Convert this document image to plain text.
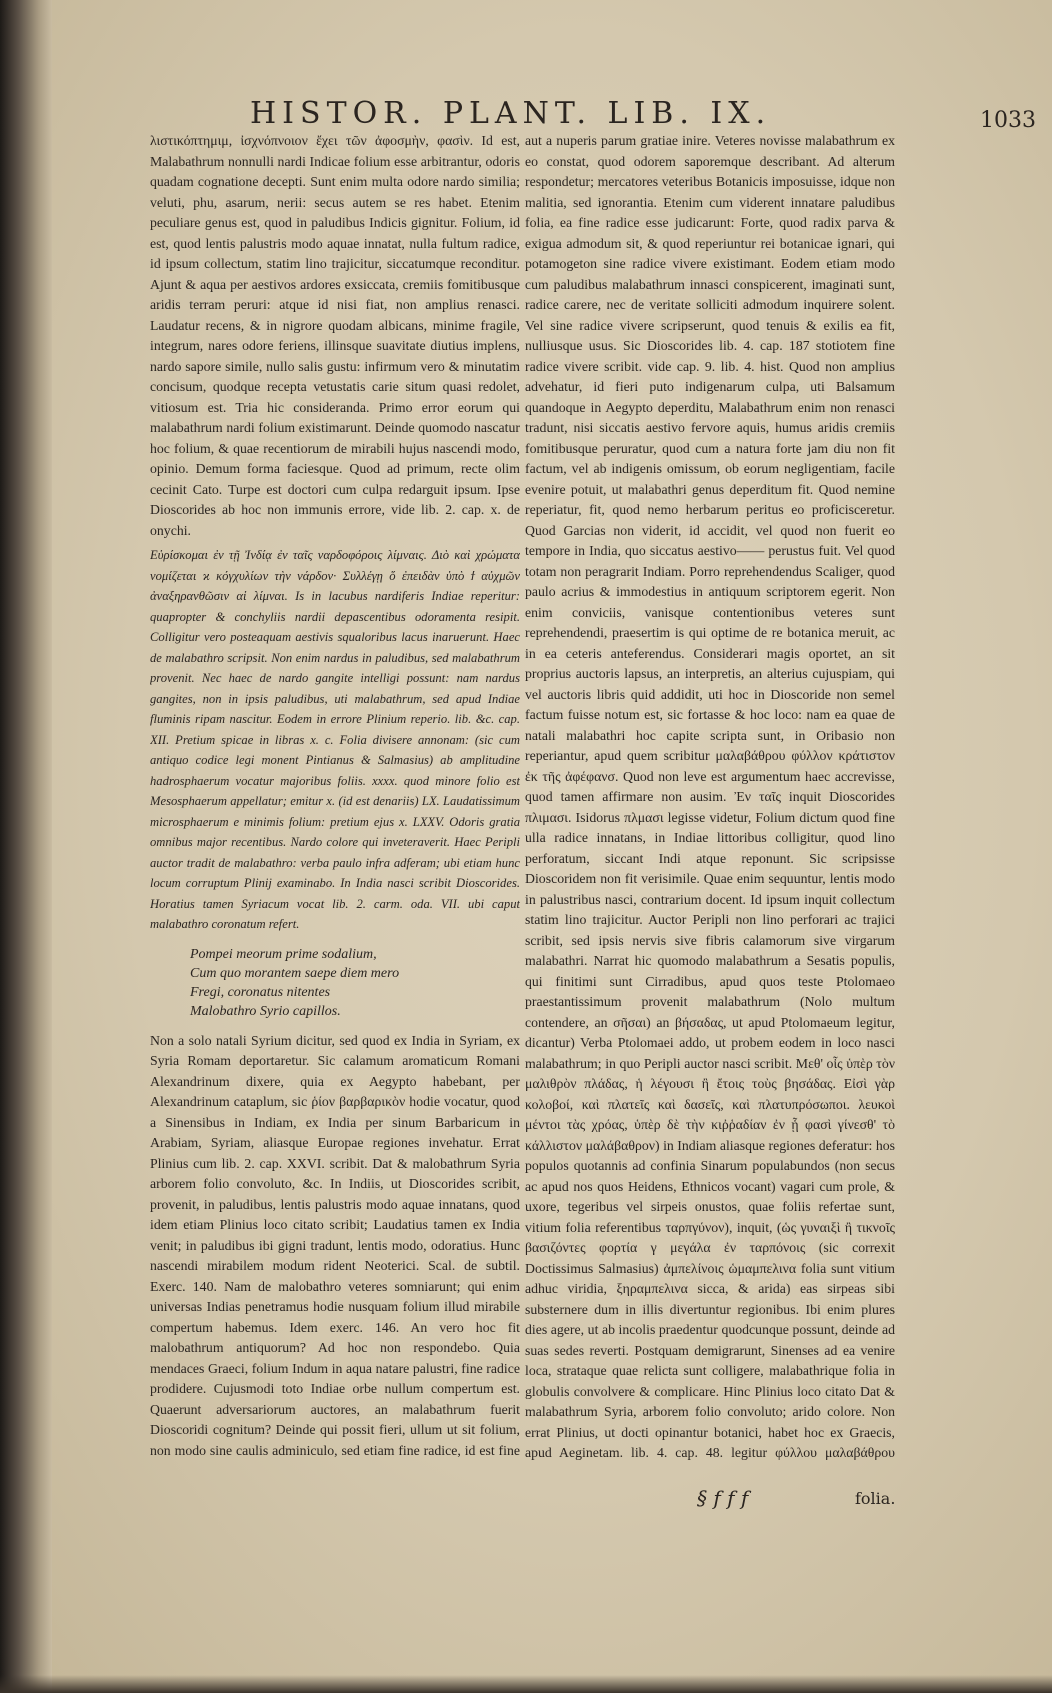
HISTOR. PLANT. LIB. IX.	1033

λιστικόπτημιμ, ἰσχνόπνοιον ἔχει τῶν ἀφοσμὴν, φασὶν. Id est, Malabathrum nonnulli nardi Indicae folium esse arbitrantur, odoris quadam cognatione decepti. Sunt enim multa odore nardo similia; veluti, phu, asarum, nerii: secus autem se res habet. Etenim peculiare genus est, quod in paludibus Indicis gignitur. Folium, id est, quod lentis palustris modo aquae innatat, nulla fultum radice, id ipsum collectum, statim lino trajicitur, siccatumque reconditur. Ajunt & aqua per aestivos ardores exsiccata, cremiis fomitibusque aridis terram peruri: atque id nisi fiat, non amplius renasci. Laudatur recens, & in nigrore quodam albicans, minime fragile, integrum, nares odore feriens, illinsque suavitate diutius implens, nardo sapore simile, nullo salis gustu: infirmum vero & minutatim concisum, quodque recepta vetustatis carie situm quasi redolet, vitiosum est. Tria hic consideranda. Primo error eorum qui malabathrum nardi folium existimarunt. Deinde quomodo nascatur hoc folium, & quae recentiorum de mirabili hujus nascendi modo, opinio. Demum forma faciesque. Quod ad primum, recte olim cecinit Cato. Turpe est doctori cum culpa redarguit ipsum. Ipse Dioscorides ab hoc non immunis errore, vide lib. 2. cap. x. de onychi.

Εὑρίσκομαι ἐν τῇ Ἰνδίᾳ ἐν ταῖς ναρδοφόροις λίμναις. Διὸ καὶ χρώματα νομίζεται ϰ κόγχυλίων τὴν νάρδον· Συλλέγῃ ὅ ἐπειδὰν ὑπὸ ϯ αὐχμῶν ἀναξηρανθῶσιν αἱ λίμναι. Is in lacubus nardiferis Indiae reperitur: quapropter & conchyliis nardii depascentibus odoramenta resipit. Colligitur vero posteaquam aestivis squaloribus lacus inaruerunt. Haec de malabathro scripsit. Non enim nardus in paludibus, sed malabathrum provenit. Nec haec de nardo gangite intelligi possunt: nam nardus gangites, non in ipsis paludibus, uti malabathrum, sed apud Indiae fluminis ripam nascitur. Eodem in errore Plinium reperio. lib. &c. cap. XII. Pretium spicae in libras x. c. Folia divisere annonam: (sic cum antiquo codice legi monent Pintianus & Salmasius) ab amplitudine hadrosphaerum vocatur majoribus foliis. xxxx. quod minore folio est Mesosphaerum appellatur; emitur x. (id est denariis) LX. Laudatissimum microsphaerum e minimis folium: pretium ejus x. LXXV. Odoris gratia omnibus major recentibus. Nardo colore qui inveteraverit. Haec Peripli auctor tradit de malabathro: verba paulo infra adferam; ubi etiam hunc locum corruptum Plinij examinabo. In India nasci scribit Dioscorides. Horatius tamen Syriacum vocat lib. 2. carm. oda. VII. ubi caput malabathro coronatum refert.

Pompei meorum prime sodalium,
Cum quo morantem saepe diem mero
Fregi, coronatus nitentes
Malobathro Syrio capillos.

Non a solo natali Syrium dicitur, sed quod ex India in Syriam, ex Syria Romam deportaretur. Sic calamum aromaticum Romani Alexandrinum dixere, quia ex Aegypto habebant, per Alexandrinum cataplum, sic ῥίον βαρβαρικὸν hodie vocatur, quod a Sinensibus in Indiam, ex India per sinum Barbaricum in Arabiam, Syriam, aliasque Europae regiones invehatur. Errat Plinius cum lib. 2. cap. XXVI. scribit. Dat & malobathrum Syria arborem folio convoluto, &c. In Indiis, ut Dioscorides scribit, provenit, in paludibus, lentis palustris modo aquae innatans, quod idem etiam Plinius loco citato scribit; Laudatius tamen ex India venit; in paludibus ibi gigni tradunt, lentis modo, odoratius. Hunc nascendi mirabilem modum rident Neoterici. Scal. de subtil. Exerc. 140. Nam de malobathro veteres somniarunt; qui enim universas Indias penetramus hodie nusquam folium illud mirabile compertum habemus. Idem exerc. 146. An vero hoc fit malobathrum antiquorum? Ad hoc non respondebo. Quia mendaces Graeci, folium Indum in aqua natare palustri, fine radice prodidere. Cujusmodi toto Indiae orbe nullum compertum est. Quaerunt adversariorum auctores, an malabathrum fuerit Dioscoridi cognitum? Deinde qui possit fieri, ullum ut sit folium, non modo sine caulis adminiculo, sed etiam fine radice, id est fine

aut a nuperis parum gratiae inire. Veteres novisse malabathrum ex eo constat, quod odorem saporemque describant. Ad alterum respondetur; mercatores veteribus Botanicis imposuisse, idque non malitia, sed ignorantia. Etenim cum viderent innatare paludibus folia, ea fine radice esse judicarunt: Forte, quod radix parva & exigua admodum sit, & quod reperiuntur rei botanicae ignari, qui potamogeton sine radice vivere existimant. Eodem etiam modo cum paludibus malabathrum innasci conspicerent, imaginati sunt, radice carere, nec de veritate solliciti admodum inquirere solent. Vel sine radice vivere scripserunt, quod tenuis & exilis ea fit, nulliusque usus. Sic Dioscorides lib. 4. cap. 187 stotiotem fine radice vivere scribit. vide cap. 9. lib. 4. hist. Quod non amplius advehatur, id fieri puto indigenarum culpa, uti Balsamum quandoque in Aegypto deperditu, Malabathrum enim non renasci tradunt, nisi siccatis aestivo fervore aquis, humus aridis cremiis fomitibusque peruratur, quod cum a natura forte jam diu non fit factum, vel ab indigenis omissum, ob eorum negligentiam, facile evenire potuit, ut malabathri genus deperditum fit. Quod nemine reperiatur, fit, quod nemo herbarum peritus eo proficisceretur. Quod Garcias non viderit, id accidit, vel quod non fuerit eo tempore in India, quo siccatus aestivo—— perustus fuit. Vel quod totam non peragrarit Indiam. Porro reprehendendus Scaliger, quod paulo acrius & immodestius in antiquum scriptorem egerit. Non enim conviciis, vanisque contentionibus veteres sunt reprehendendi, praesertim is qui optime de re botanica meruit, ac in ea ceteris anteferendus. Considerari magis oportet, an sit proprius auctoris lapsus, an interpretis, an alterius cujuspiam, qui vel auctoris libris quid addidit, uti hoc in Dioscoride non semel factum fuisse notum est, sic fortasse & hoc loco: nam ea quae de natali malabathri hoc capite scripta sunt, in Oribasio non reperiantur, apud quem scribitur μαλαβάθρου φύλλον κράτιστον ἐκ τῆς ἀφέφανσ. Quod non leve est argumentum haec accrevisse, quod tamen affirmare non ausim. Ἐν ταῖς inquit Dioscorides πλιμασι. Isidorus πλμασι legisse videtur, Folium dictum quod fine ulla radice innatans, in Indiae littoribus colligitur, quod lino perforatum, siccant Indi atque reponunt. Sic scripsisse Dioscoridem non fit verisimile. Quae enim sequuntur, lentis modo in palustribus nasci, contrarium docent. Id ipsum inquit collectum statim lino trajicitur. Auctor Peripli non lino perforari ac trajici scribit, sed ipsis nervis sive fibris calamorum sive virgarum malabathri. Narrat hic quomodo malabathrum a Sesatis populis, qui finitimi sunt Cirradibus, apud quos teste Ptolomaeo praestantissimum provenit malabathrum (Nolo multum contendere, an σῆσαι) an βήσαδας, ut apud Ptolomaeum legitur, dicantur) Verba Ptolomaei addo, ut probem eodem in loco nasci malabathrum; in quo Peripli auctor nasci scribit. Μεθ' οἷς ὑπὲρ τὸν μαλιθρὸν πλάδας, ἡ λέγουσι ἢ ἔτοις τοὺς βησάδας. Εἰσὶ γὰρ κολοβοί, καὶ πλατεῖς καὶ δασεῖς, καὶ πλατυπρόσωποι. λευκοὶ μέντοι τὰς χρόας, ὑπὲρ δὲ τὴν κιῤῥαδίαν ἐν ᾗ φασὶ γίνεσθ' τὸ κάλλιστον μαλάβαθρον) in Indiam aliasque regiones deferatur: hos populos quotannis ad confinia Sinarum populabundos (non secus ac apud nos quos Heidens, Ethnicos vocant) vagari cum prole, & uxore, tegeribus vel sirpeis onustos, quae foliis refertae sunt, vitium folia referentibus ταρπγύνον), inquit, (ὡς γυναιξὶ ἢ τικνοῖς βασιζόντες φορτία γ μεγάλα ἐν ταρπόνοις (sic correxit Doctissimus Salmasius) ἀμπελίνοις ὡμαμπελινα folia sunt vitium adhuc viridia, ξηραμπελινα sicca, & arida) eas sirpeas sibi substernere dum in illis divertuntur regionibus. Ibi enim plures dies agere, ut ab incolis praedentur quodcunque possunt, deinde ad suas sedes reverti. Postquam demigrarunt, Sinenses ad ea venire loca, strataque quae relicta sunt colligere, malabathrique folia in globulis convolvere & complicare. Hinc Plinius loco citato Dat & malabathrum Syria, arborem folio convoluto; arido colore. Non errat Plinius, ut docti opinantur botanici, habet hoc ex Graecis, apud Aeginetam. lib. 4. cap. 48. legitur φύλλου μαλαβάθρου

§ f f f	folia.
